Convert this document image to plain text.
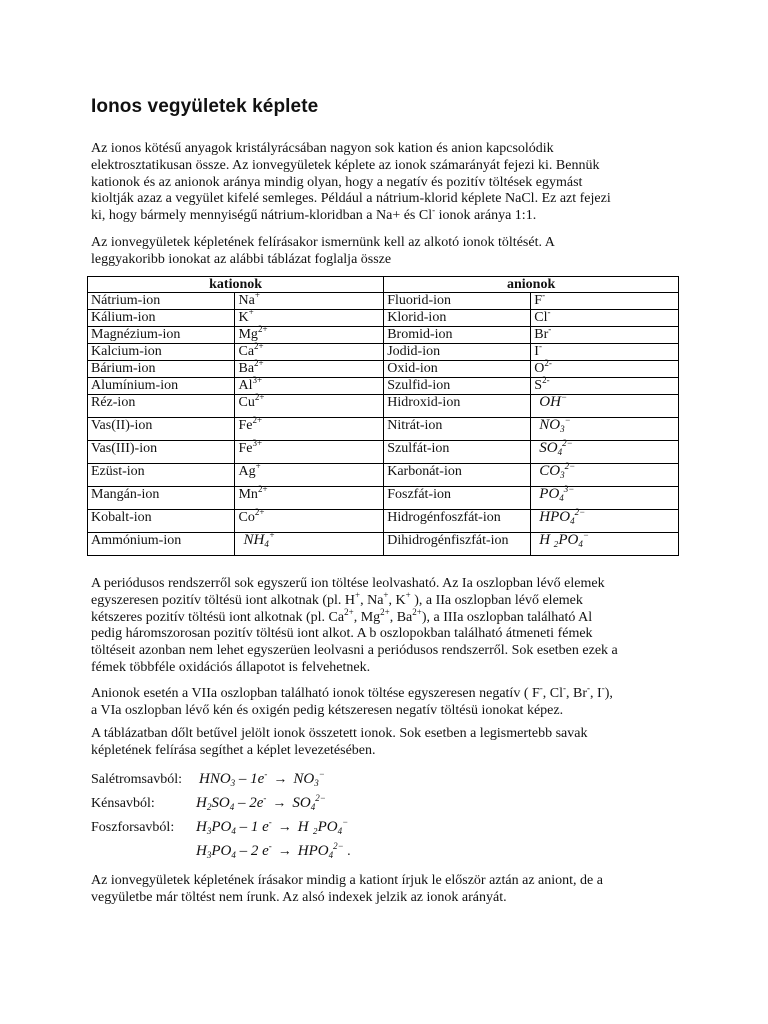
Ionos vegyületek képlete

Az ionos kötésű anyagok kristályrácsában nagyon sok kation és anion kapcsolódik
elektrosztatikusan össze. Az ionvegyületek képlete az ionok számarányát fejezi ki. Bennük
kationok és az anionok aránya mindig olyan, hogy a negatív és pozitív töltések egymást
kioltják azaz a vegyület kifelé semleges. Például a nátrium-klorid képlete NaCl. Ez azt fejezi
ki, hogy bármely mennyiségű nátrium-kloridban a Na+ és Cl- ionok aránya 1:1.

Az ionvegyületek képletének felírásakor ismernünk kell az alkotó ionok töltését. A
leggyakoribb ionokat az alábbi táblázat foglalja össze

kationok		anionok	
Nátrium-ion	Na+	Fluorid-ion	F-
Kálium-ion	K+	Klorid-ion	Cl-
Magnézium-ion	$Mg^{2+}$	Bromid-ion	Br-
Kalcium-ion	$Ca^{2+}$	Jodid-ion	I-
Bárium-ion	$Ba^{2+}$	Oxid-ion	$O^{2-}$
Alumínium-ion	$Al^{3+}$	Szulfid-ion	$S^{2-}$
Réz-ion	$Cu^{2+}$	Hidroxid-ion	OH−
Vas(II)-ion	$Fe^{2+}$	Nitrát-ion	$NO_3^-$
Vas(III)-ion	$Fe^{3+}$	Szulfát-ion	$SO_4^{2-}$
Ezüst-ion	Ag+	Karbonát-ion	$CO_3^{2-}$
Mangán-ion	$Mn^{2+}$	Foszfát-ion	$PO_4^{3-}$
Kobalt-ion	$Co^{2+}$	Hidrogénfoszfát-ion	$HPO_4^{2-}$
Ammónium-ion	$NH_4^+$	Dihidrogénfiszfát-ion	H $_2PO_4^-$

A periódusos rendszerről sok egyszerű ion töltése leolvasható. Az Ia oszlopban lévő elemek
egyszeresen pozitív töltésü iont alkotnak (pl. H+, Na+, K+ ), a IIa oszlopban lévő elemek
kétszeres pozitív töltésü iont alkotnak (pl. $Ca^{2+}$, $Mg^{2+}$, $Ba^{2+}$), a IIIa oszlopban található Al
pedig háromszorosan pozitív töltésü iont alkot. A b oszlopokban található átmeneti fémek
töltéseit azonban nem lehet egyszerüen leolvasni a periódusos rendszerről. Sok esetben ezek a
fémek többféle oxidációs állapotot is felvehetnek.

Anionok esetén a VIIa oszlopban található ionok töltése egyszeresen negatív ( F-, Cl-, Br-, I-),
a VIa oszlopban lévő kén és oxigén pedig kétszeresen negatív töltésü ionokat képez.

A táblázatban dőlt betűvel jelölt ionok összetett ionok. Sok esetben a legismertebb savak
képletének felírása segíthet a képlet levezetésében.

Salétromsavból: $HNO_3 - 1e^- \to NO_3^-$
Kénsavból:	$H_2SO_4 - 2e^- \to SO_4^{2-}$
Foszforsavból: $H_3PO_4 - 1$ e- → H $_2PO_4^-$
$H_3PO_4 - 2$ $e^- \to HPO_4^{2-}$ .

Az ionvegyületek képletének írásakor mindig a kationt írjuk le először aztán az aniont, de a
vegyületbe már töltést nem írunk. Az alsó indexek jelzik az ionok arányát.
